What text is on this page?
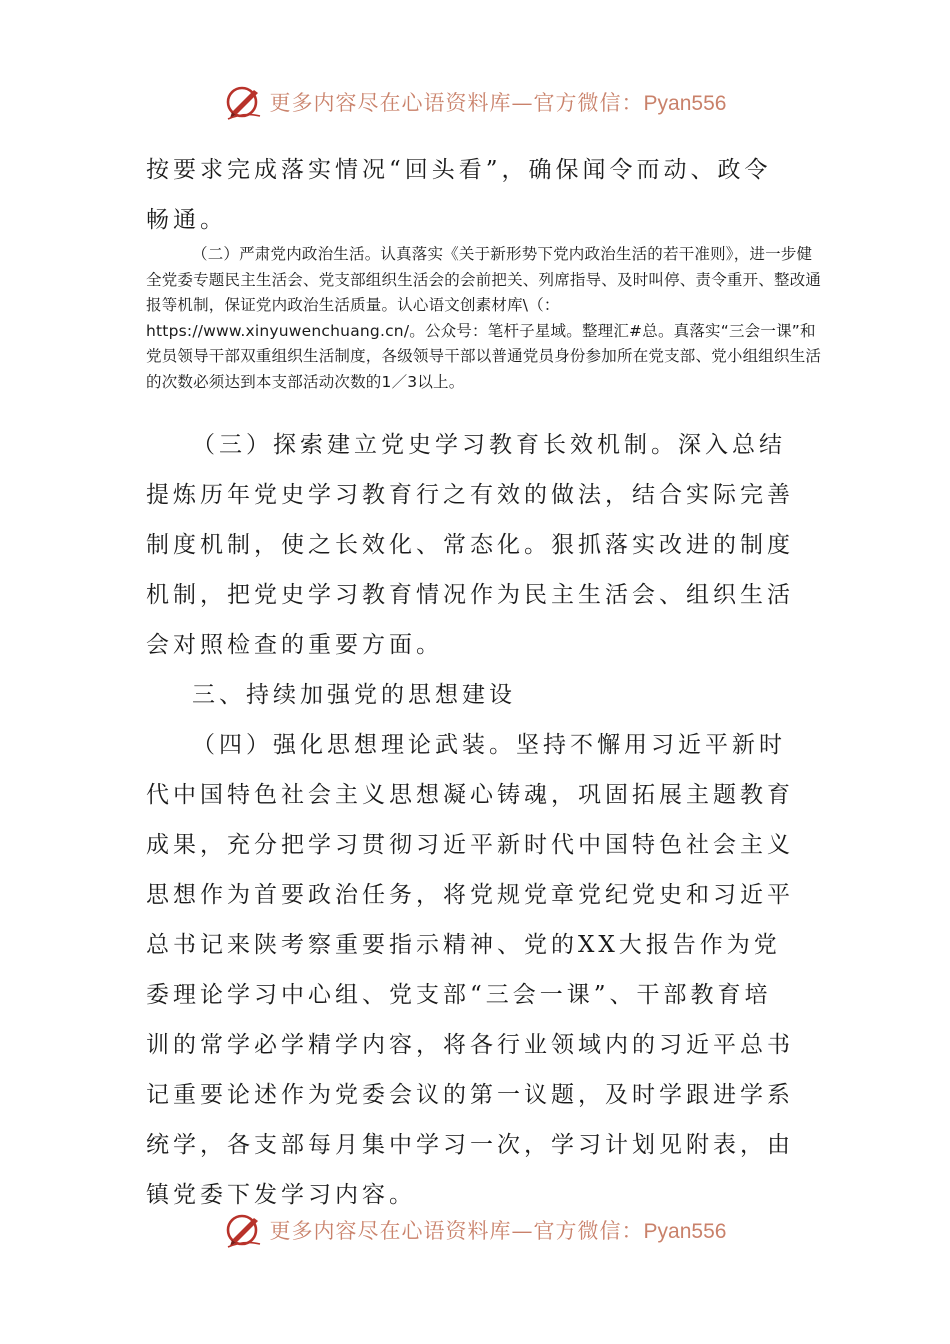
更多内容尽在心语资料库—官方微信：Pyan556

按要求完成落实情况“回头看”，确保闻令而动、政令畅通。

（二）严肃党内政治生活。认真落实《关于新形势下党内政治生活的若干准则》，进一步健全党委专题民主生活会、党支部组织生活会的会前把关、列席指导、及时叫停、责令重开、整改通报等机制，保证党内政治生活质量。认心语文创素材库\（：https://www.xinyuwenchuang.cn/。公众号：笔杆子星域。整理汇#总。真落实“三会一课”和党员领导干部双重组织生活制度，各级领导干部以普通党员身份参加所在党支部、党小组组织生活的次数必须达到本支部活动次数的1／3以上。

（三）探索建立党史学习教育长效机制。深入总结提炼历年党史学习教育行之有效的做法，结合实际完善制度机制，使之长效化、常态化。狠抓落实改进的制度机制，把党史学习教育情况作为民主生活会、组织生活会对照检查的重要方面。

三、持续加强党的思想建设

（四）强化思想理论武装。坚持不懈用习近平新时代中国特色社会主义思想凝心铸魂，巩固拓展主题教育成果，充分把学习贯彻习近平新时代中国特色社会主义思想作为首要政治任务，将党规党章党纪党史和习近平总书记来陕考察重要指示精神、党的XX大报告作为党委理论学习中心组、党支部“三会一课”、干部教育培训的常学必学精学内容，将各行业领域内的习近平总书记重要论述作为党委会议的第一议题，及时学跟进学系统学，各支部每月集中学习一次，学习计划见附表，由镇党委下发学习内容。

更多内容尽在心语资料库—官方微信：Pyan556
